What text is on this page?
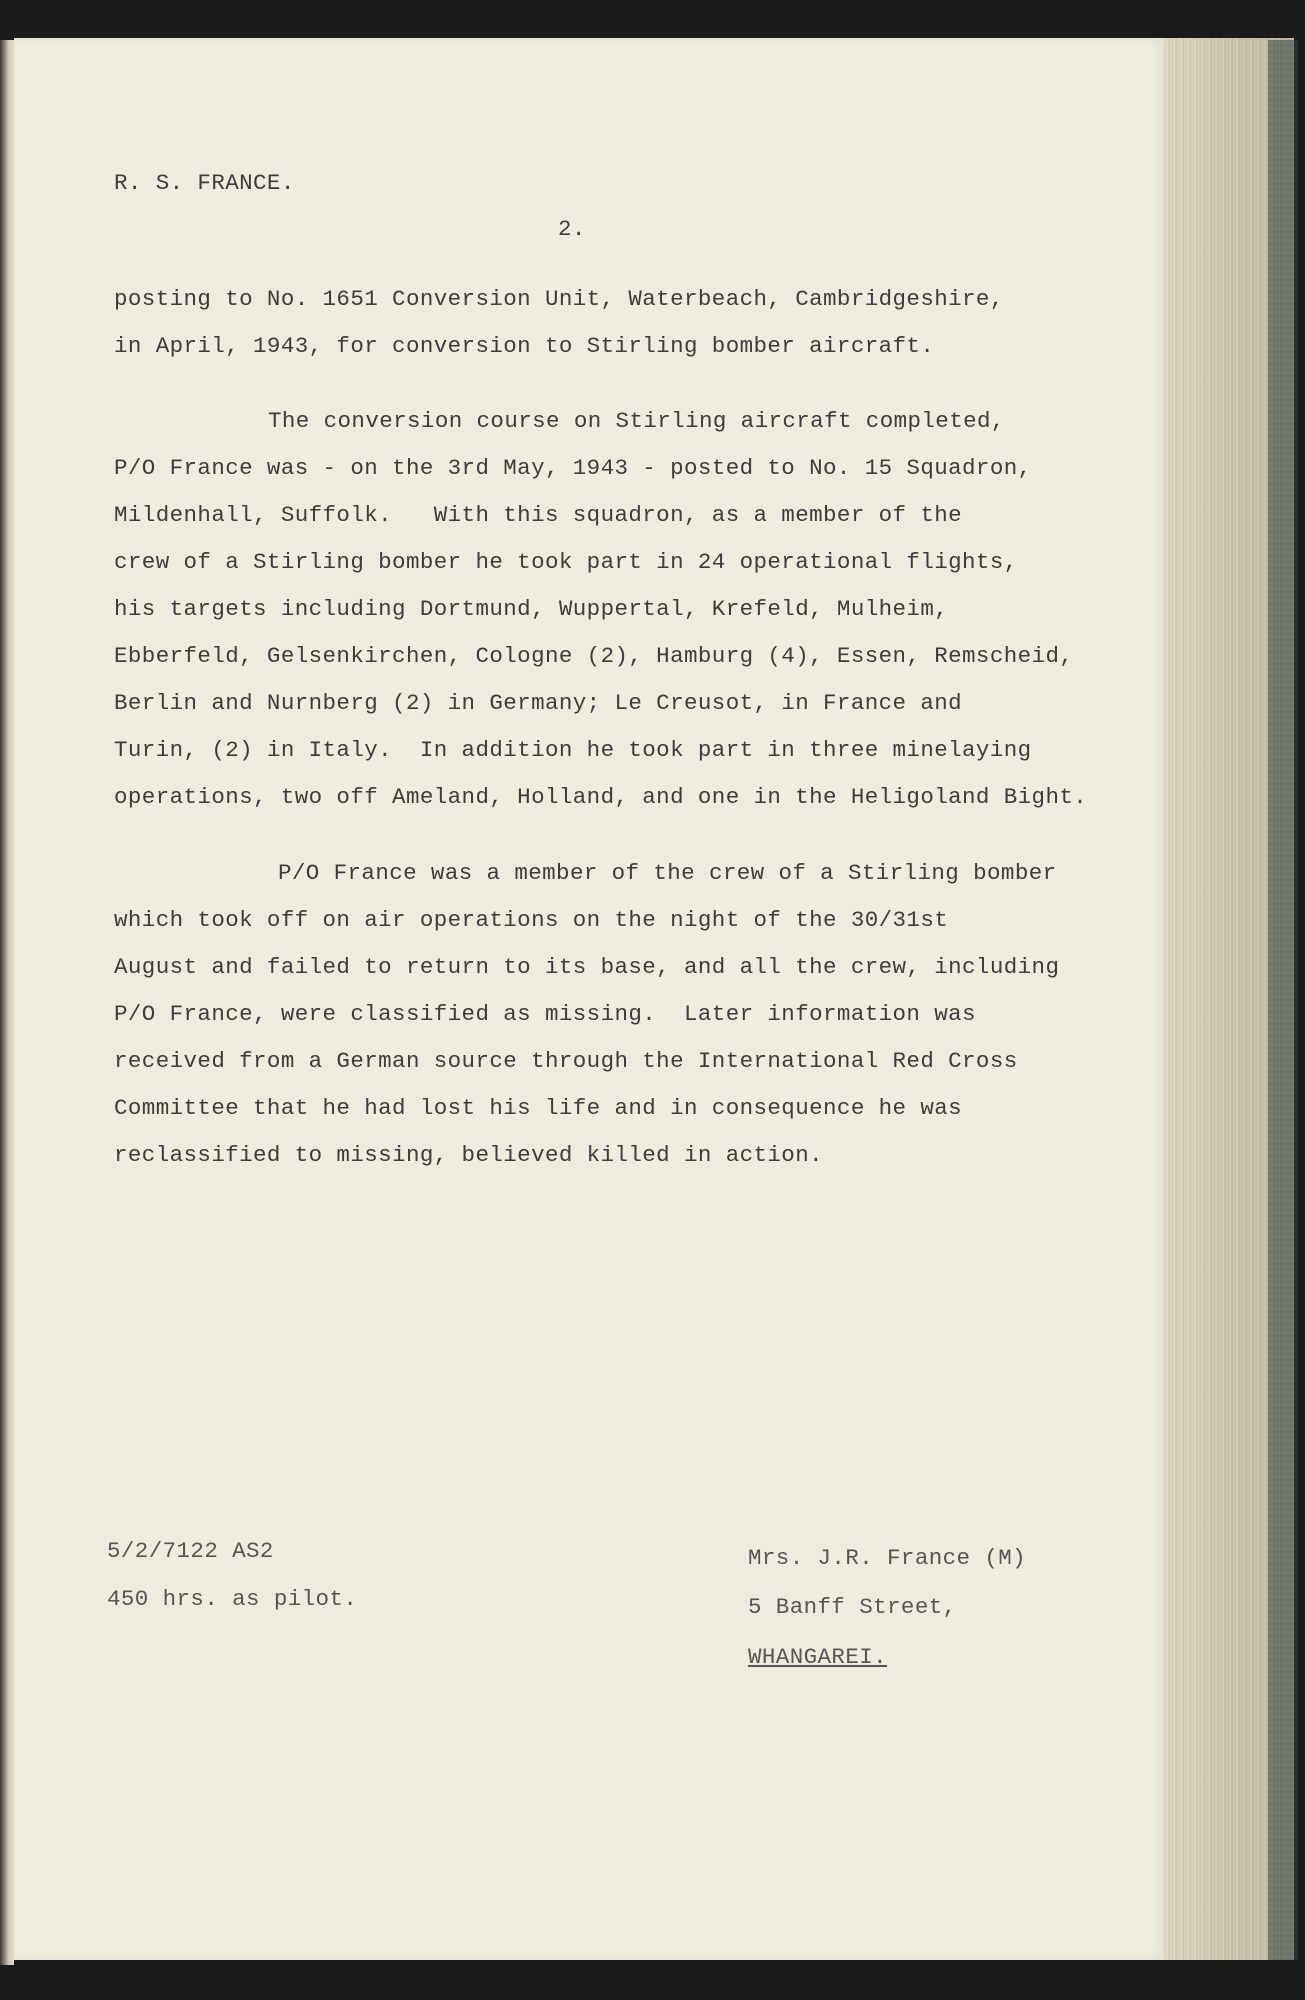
R. S. FRANCE.
2.
posting to No. 1651 Conversion Unit, Waterbeach, Cambridgeshire,
in April, 1943, for conversion to Stirling bomber aircraft.
The conversion course on Stirling aircraft completed,
P/O France was - on the 3rd May, 1943 - posted to No. 15 Squadron,
Mildenhall, Suffolk.   With this squadron, as a member of the
crew of a Stirling bomber he took part in 24 operational flights,
his targets including Dortmund, Wuppertal, Krefeld, Mulheim,
Ebberfeld, Gelsenkirchen, Cologne (2), Hamburg (4), Essen, Remscheid,
Berlin and Nurnberg (2) in Germany; Le Creusot, in France and
Turin, (2) in Italy.  In addition he took part in three minelaying
operations, two off Ameland, Holland, and one in the Heligoland Bight.
P/O France was a member of the crew of a Stirling bomber
which took off on air operations on the night of the 30/31st
August and failed to return to its base, and all the crew, including
P/O France, were classified as missing.  Later information was
received from a German source through the International Red Cross
Committee that he had lost his life and in consequence he was
reclassified to missing, believed killed in action.
5/2/7122 AS2
450 hrs. as pilot.
Mrs. J.R. France (M)
5 Banff Street,
WHANGAREI.
